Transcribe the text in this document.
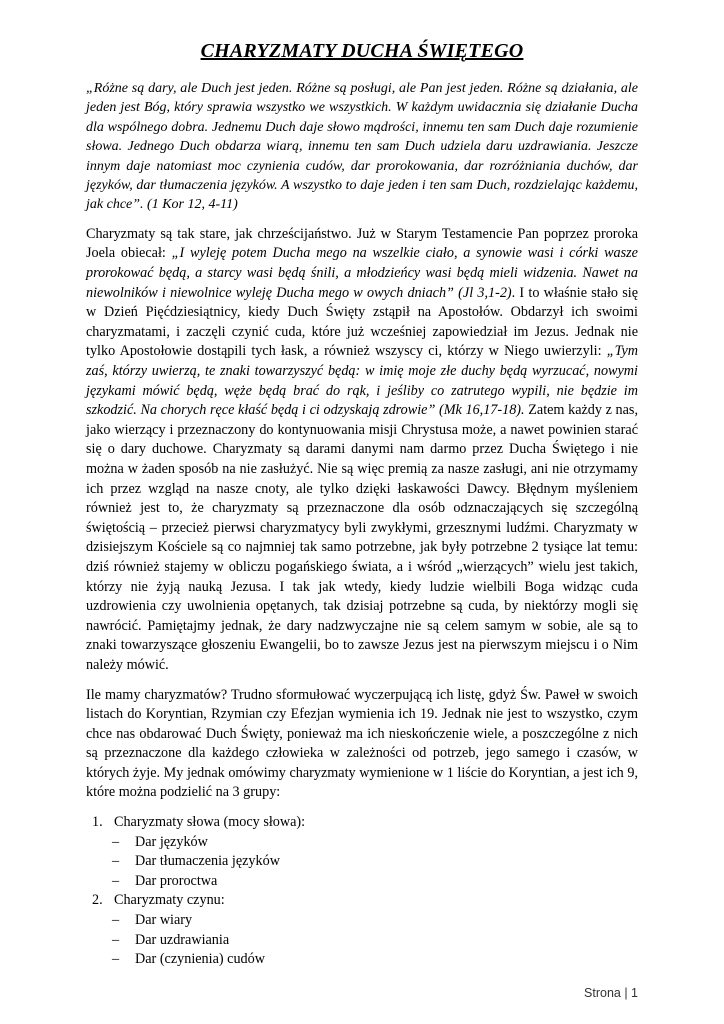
CHARYZMATY DUCHA ŚWIĘTEGO

„Różne są dary, ale Duch jest jeden. Różne są posługi, ale Pan jest jeden. Różne są działania, ale jeden jest Bóg, który sprawia wszystko we wszystkich. W każdym uwidacznia się działanie Ducha dla wspólnego dobra. Jednemu Duch daje słowo mądrości, innemu ten sam Duch daje rozumienie słowa. Jednego Duch obdarza wiarą, innemu ten sam Duch udziela daru uzdrawiania. Jeszcze innym daje natomiast moc czynienia cudów, dar prorokowania, dar rozróżniania duchów, dar języków, dar tłumaczenia języków. A wszystko to daje jeden i ten sam Duch, rozdzielając każdemu, jak chce”. (1 Kor 12, 4-11)

Charyzmaty są tak stare, jak chrześcijaństwo. Już w Starym Testamencie Pan poprzez proroka Joela obiecał: „I wyleję potem Ducha mego na wszelkie ciało, a synowie wasi i córki wasze prorokować będą, a starcy wasi będą śnili, a młodzieńcy wasi będą mieli widzenia. Nawet na niewolników i niewolnice wyleję Ducha mego w owych dniach” (Jl 3,1-2). I to właśnie stało się w Dzień Pięćdziesiątnicy, kiedy Duch Święty zstąpił na Apostołów. Obdarzył ich swoimi charyzmatami, i zaczęli czynić cuda, które już wcześniej zapowiedział im Jezus. Jednak nie tylko Apostołowie dostąpili tych łask, a również wszyscy ci, którzy w Niego uwierzyli: „Tym zaś, którzy uwierzą, te znaki towarzyszyć będą: w imię moje złe duchy będą wyrzucać, nowymi językami mówić będą, węże będą brać do rąk, i jeśliby co zatrutego wypili, nie będzie im szkodzić. Na chorych ręce kłaść będą i ci odzyskają zdrowie” (Mk 16,17-18). Zatem każdy z nas, jako wierzący i przeznaczony do kontynuowania misji Chrystusa może, a nawet powinien starać się o dary duchowe. Charyzmaty są darami danymi nam darmo przez Ducha Świętego i nie można w żaden sposób na nie zasłużyć. Nie są więc premią za nasze zasługi, ani nie otrzymamy ich przez wzgląd na nasze cnoty, ale tylko dzięki łaskawości Dawcy. Błędnym myśleniem również jest to, że charyzmaty są przeznaczone dla osób odznaczających się szczególną świętością – przecież pierwsi charyzmatycy byli zwykłymi, grzesznymi ludźmi. Charyzmaty w dzisiejszym Kościele są co najmniej tak samo potrzebne, jak były potrzebne 2 tysiące lat temu: dziś również stajemy w obliczu pogańskiego świata, a i wśród „wierzących” wielu jest takich, którzy nie żyją nauką Jezusa. I tak jak wtedy, kiedy ludzie wielbili Boga widząc cuda uzdrowienia czy uwolnienia opętanych, tak dzisiaj potrzebne są cuda, by niektórzy mogli się nawrócić. Pamiętajmy jednak, że dary nadzwyczajne nie są celem samym w sobie, ale są to znaki towarzyszące głoszeniu Ewangelii, bo to zawsze Jezus jest na pierwszym miejscu i o Nim należy mówić.

Ile mamy charyzmatów? Trudno sformułować wyczerpującą ich listę, gdyż Św. Paweł w swoich listach do Koryntian, Rzymian czy Efezjan wymienia ich 19. Jednak nie jest to wszystko, czym chce nas obdarować Duch Święty, ponieważ ma ich nieskończenie wiele, a poszczególne z nich są przeznaczone dla każdego człowieka w zależności od potrzeb, jego samego i czasów, w których żyje. My jednak omówimy charyzmaty wymienione w 1 liście do Koryntian, a jest ich 9, które można podzielić na 3 grupy:

1. Charyzmaty słowa (mocy słowa):
– Dar języków
– Dar tłumaczenia języków
– Dar proroctwa
2. Charyzmaty czynu:
– Dar wiary
– Dar uzdrawiania
– Dar (czynienia) cudów
Strona | 1
